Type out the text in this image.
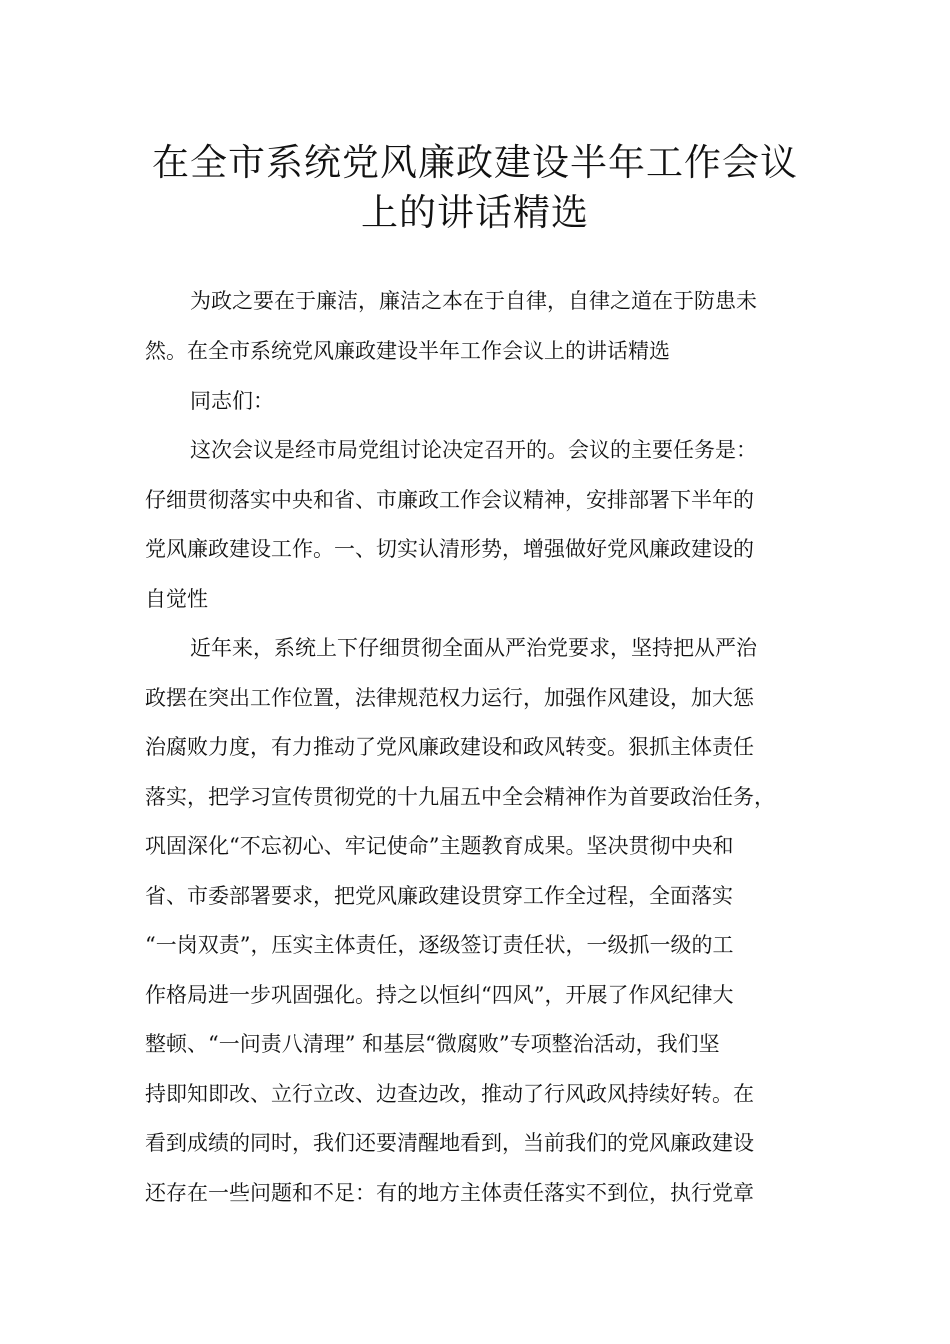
在全市系统党风廉政建设半年工作会议
上的讲话精选
为政之要在于廉洁，廉洁之本在于自律，自律之道在于防患未
然。在全市系统党风廉政建设半年工作会议上的讲话精选
同志们：
这次会议是经市局党组讨论决定召开的。会议的主要任务是：
仔细贯彻落实中央和省、市廉政工作会议精神，安排部署下半年的
党风廉政建设工作。一、切实认清形势，增强做好党风廉政建设的
自觉性
近年来，系统上下仔细贯彻全面从严治党要求，坚持把从严治
政摆在突出工作位置，法律规范权力运行，加强作风建设，加大惩
治腐败力度，有力推动了党风廉政建设和政风转变。狠抓主体责任
落实，把学习宣传贯彻党的十九届五中全会精神作为首要政治任务，
巩固深化“不忘初心、牢记使命”主题教育成果。坚决贯彻中央和
省、市委部署要求，把党风廉政建设贯穿工作全过程，全面落实
“一岗双责”，压实主体责任，逐级签订责任状，一级抓一级的工
作格局进一步巩固强化。持之以恒纠“四风”，开展了作风纪律大
整顿、“一问责八清理” 和基层“微腐败”专项整治活动，我们坚
持即知即改、立行立改、边查边改，推动了行风政风持续好转。在
看到成绩的同时，我们还要清醒地看到，当前我们的党风廉政建设
还存在一些问题和不足：有的地方主体责任落实不到位，执行党章
